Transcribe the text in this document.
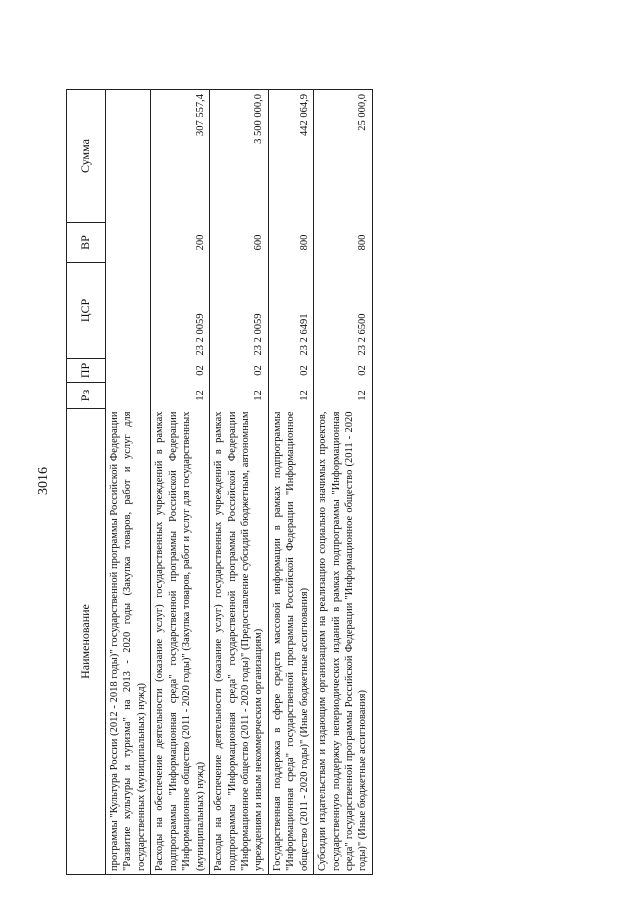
3016
Наименование	Рз	ПР	ЦСР	ВР	Сумма
программы "Культура России (2012 - 2018 годы)" государственной программы Российской Федерации "Развитие культуры и туризма" на 2013 - 2020 годы (Закупка товаров, работ и услуг для государственных (муниципальных) нужд)					
Расходы на обеспечение деятельности (оказание услуг) государственных учреждений в рамках подпрограммы "Информационная среда" государственной программы Российской Федерации "Информационное общество (2011 - 2020 годы)" (Закупка товаров, работ и услуг для государственных (муниципальных) нужд)	12	02	23 2 0059	200	307 557,4
Расходы на обеспечение деятельности (оказание услуг) государственных учреждений в рамках подпрограммы "Информационная среда" государственной программы Российской Федерации "Информационное общество (2011 - 2020 годы)" (Предоставление субсидий бюджетным, автономным учреждениям и иным некоммерческим организациям)	12	02	23 2 0059	600	3 500 000,0
Государственная поддержка в сфере средств массовой информации в рамках подпрограммы "Информационная среда" государственной программы Российской Федерации "Информационное общество (2011 - 2020 годы)" (Иные бюджетные ассигнования)	12	02	23 2 6491	800	442 064,9
Субсидии издательствам и издающим организациям на реализацию социально значимых проектов, государственную поддержку непериодических изданий в рамках подпрограммы "Информационная среда" государственной программы Российской Федерации "Информационное общество (2011 - 2020 годы)" (Иные бюджетные ассигнования)	12	02	23 2 6500	800	25 000,0
